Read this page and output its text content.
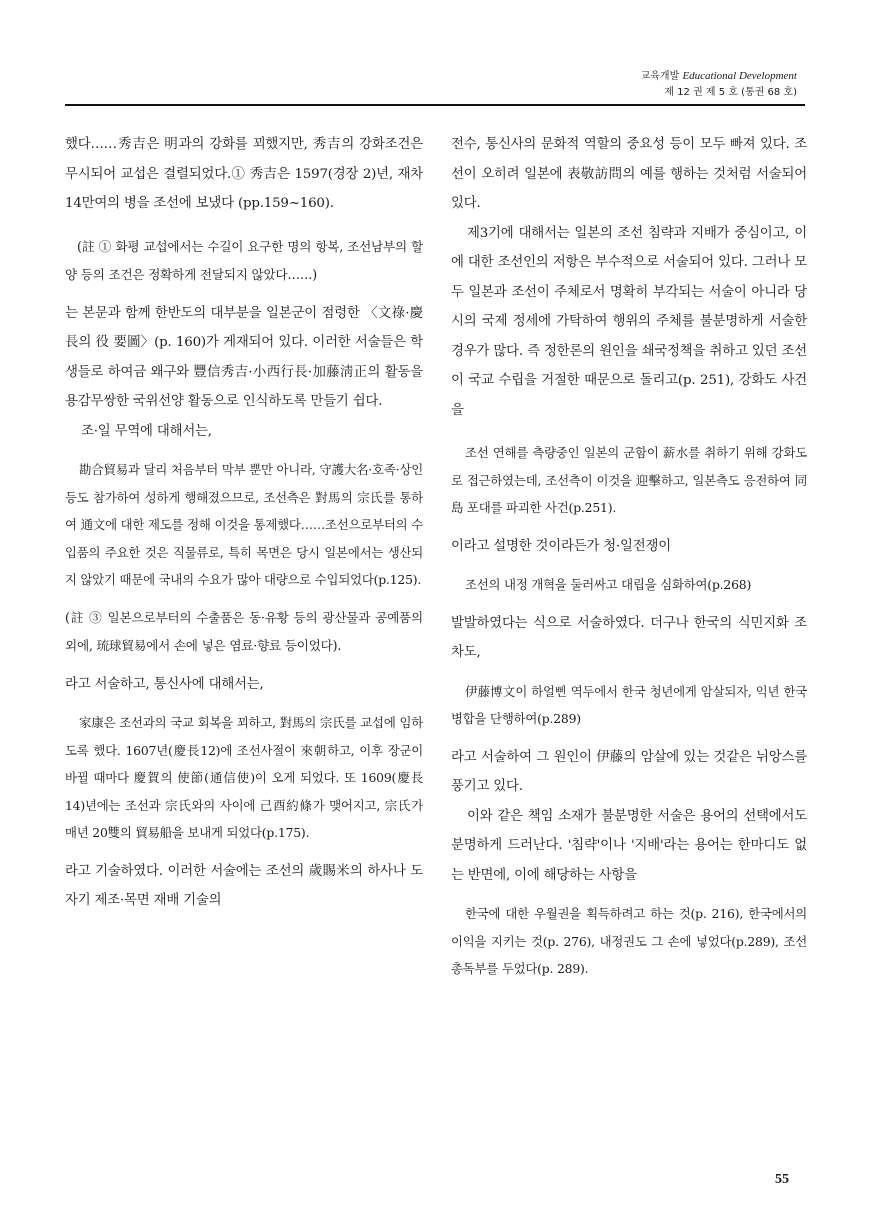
교육개발 Educational Development
제 12 권 제 5 호 (통권 68 호)

했다……秀吉은 明과의 강화를 꾀했지만, 秀吉의 강화조건은 무시되어 교섭은 결렬되었다.① 秀吉은 1597(경장 2)년, 재차 14만여의 병을 조선에 보냈다 (pp.159~160).

(註 ① 화평 교섭에서는 수길이 요구한 명의 항복, 조선남부의 할양 등의 조건은 정확하게 전달되지 않았다……)

는 본문과 함께 한반도의 대부분을 일본군이 점령한 〈文祿·慶長의 役 要圖〉(p. 160)가 게재되어 있다. 이러한 서술들은 학생들로 하여금 왜구와 豐信秀吉·小西行長·加藤淸正의 활동을 용감무쌍한 국위선양 활동으로 인식하도록 만들기 쉽다.

조·일 무역에 대해서는,

勘合貿易과 달리 처음부터 막부 뿐만 아니라, 守護大名·호족·상인 등도 참가하여 성하게 행해졌으므로, 조선측은 對馬의 宗氏를 통하여 通文에 대한 제도를 정해 이것을 통제했다……조선으로부터의 수입품의 주요한 것은 직물류로, 특히 목면은 당시 일본에서는 생산되지 않았기 때문에 국내의 수요가 많아 대량으로 수입되었다(p.125).

(註 ③ 일본으로부터의 수출품은 동·유황 등의 광산물과 공예품의 외에, 琉球貿易에서 손에 넣은 염료·향료 등이었다).

라고 서술하고, 통신사에 대해서는,

家康은 조선과의 국교 회복을 꾀하고, 對馬의 宗氏를 교섭에 임하도록 했다. 1607년(慶長12)에 조선사절이 來朝하고, 이후 장군이 바뀔 때마다 慶賀의 使節(通信使)이 오게 되었다. 또 1609(慶長 14)년에는 조선과 宗氏와의 사이에 己酉約條가 맺어지고, 宗氏가 매년 20雙의 貿易船을 보내게 되었다(p.175).

라고 기술하였다. 이러한 서술에는 조선의 歲賜米의 하사나 도자기 제조·목면 재배 기술의

전수, 통신사의 문화적 역할의 중요성 등이 모두 빠져 있다. 조선이 오히려 일본에 表敬訪問의 예를 행하는 것처럼 서술되어 있다.

제3기에 대해서는 일본의 조선 침략과 지배가 중심이고, 이에 대한 조선인의 저항은 부수적으로 서술되어 있다. 그러나 모두 일본과 조선이 주체로서 명확히 부각되는 서술이 아니라 당시의 국제 정세에 가탁하여 행위의 주체를 불분명하게 서술한 경우가 많다. 즉 정한론의 원인을 쇄국정책을 취하고 있던 조선이 국교 수립을 거절한 때문으로 돌리고(p. 251), 강화도 사건을

조선 연해를 측량중인 일본의 군함이 薪水를 취하기 위해 강화도로 접근하였는데, 조선측이 이것을 迎擊하고, 일본측도 응전하여 同島 포대를 파괴한 사건(p.251).

이라고 설명한 것이라든가 청·일전쟁이

조선의 내정 개혁을 둘러싸고 대립을 심화하여(p.268)

발발하였다는 식으로 서술하였다. 더구나 한국의 식민지화 조차도,

伊藤博文이 하얼삔 역두에서 한국 청년에게 암살되자, 익년 한국병합을 단행하여(p.289)

라고 서술하여 그 원인이 伊藤의 암살에 있는 것같은 뉘앙스를 풍기고 있다.

이와 같은 책임 소재가 불분명한 서술은 용어의 선택에서도 분명하게 드러난다. '침략'이나 '지배'라는 용어는 한마디도 없는 반면에, 이에 해당하는 사항을

한국에 대한 우월권을 획득하려고 하는 것(p. 216), 한국에서의 이익을 지키는 것(p. 276), 내정권도 그 손에 넣었다(p.289), 조선총독부를 두었다(p. 289).

55
